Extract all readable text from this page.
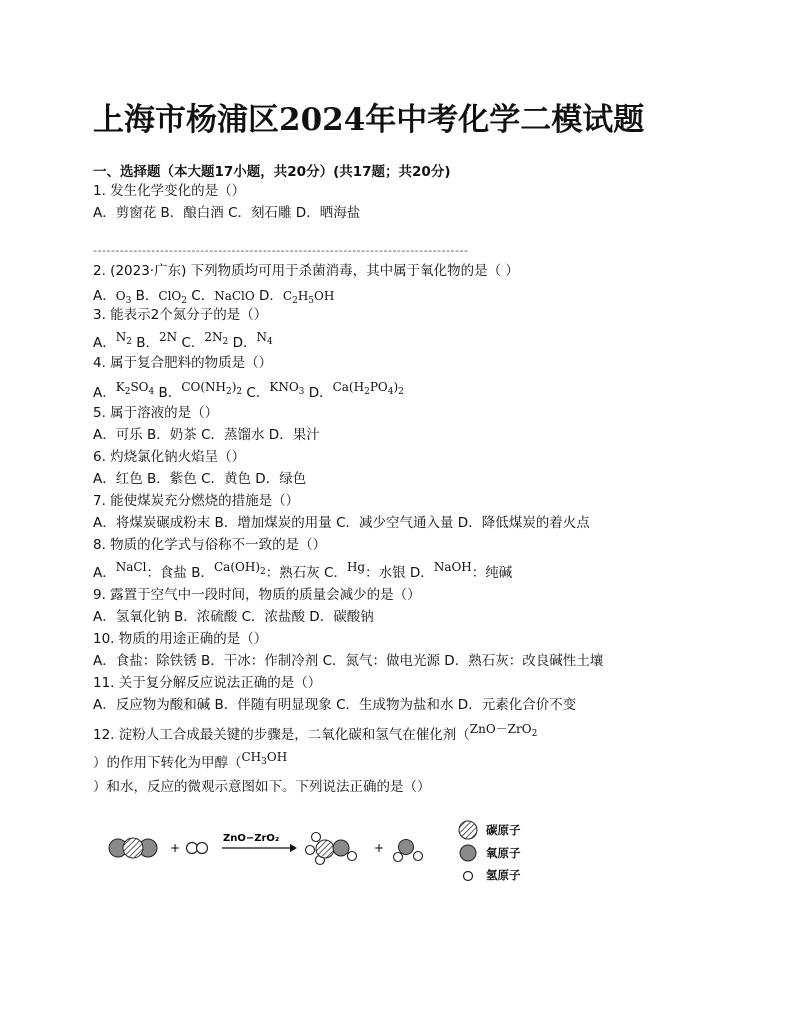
上海市杨浦区2024年中考化学二模试题
一、选择题（本大题17小题，共20分）(共17题；共20分)
1. 发生化学变化的是（）
A．剪窗花 B．酿白酒 C．刻石雕 D．晒海盐
------------------------------------------------------------------------------------
2. (2023·广东) 下列物质均可用于杀菌消毒，其中属于氧化物的是（ ）
A．$O_3$ B．ClO$_2$ C．NaClO D．$C_2H_5OH$
3. 能表示2个氮分子的是（）
A．$N_2$ B．2N C．$2N_2$ D．$N_4$
4. 属于复合肥料的物质是（）
A．$K_2SO_4$ B．$CO(NH_2)_2$ C．$KNO_3$ D．$Ca(H_2PO_4)_2$
5. 属于溶液的是（）
A．可乐 B．奶茶 C．蒸馏水 D．果汁
6. 灼烧氯化钠火焰呈（）
A．红色 B．紫色 C．黄色 D．绿色
7. 能使煤炭充分燃烧的措施是（）
A．将煤炭碾成粉末 B．增加煤炭的用量 C．减少空气通入量 D．降低煤炭的着火点
8. 物质的化学式与俗称不一致的是（）
A．NaCl：食盐 B．$Ca(OH)_2$：熟石灰 C．Hg：水银 D．NaOH：纯碱
9. 露置于空气中一段时间，物质的质量会减少的是（）
A．氢氧化钠 B．浓硫酸 C．浓盐酸 D．碳酸钠
10. 物质的用途正确的是（）
A．食盐：除铁锈 B．干冰：作制冷剂 C．氮气：做电光源 D．熟石灰：改良碱性土壤
11. 关于复分解反应说法正确的是（）
A．反应物为酸和碱 B．伴随有明显现象 C．生成物为盐和水 D．元素化合价不变
12. 淀粉人工合成最关键的步骤是，二氧化碳和氢气在催化剂（ZnO－ZrO$_2$
）的作用下转化为甲醇（$CH_3OH$
）和水，反应的微观示意图如下。下列说法正确的是（）
+
ZnO−ZrO₂
+
碳原子
氧原子
氢原子
